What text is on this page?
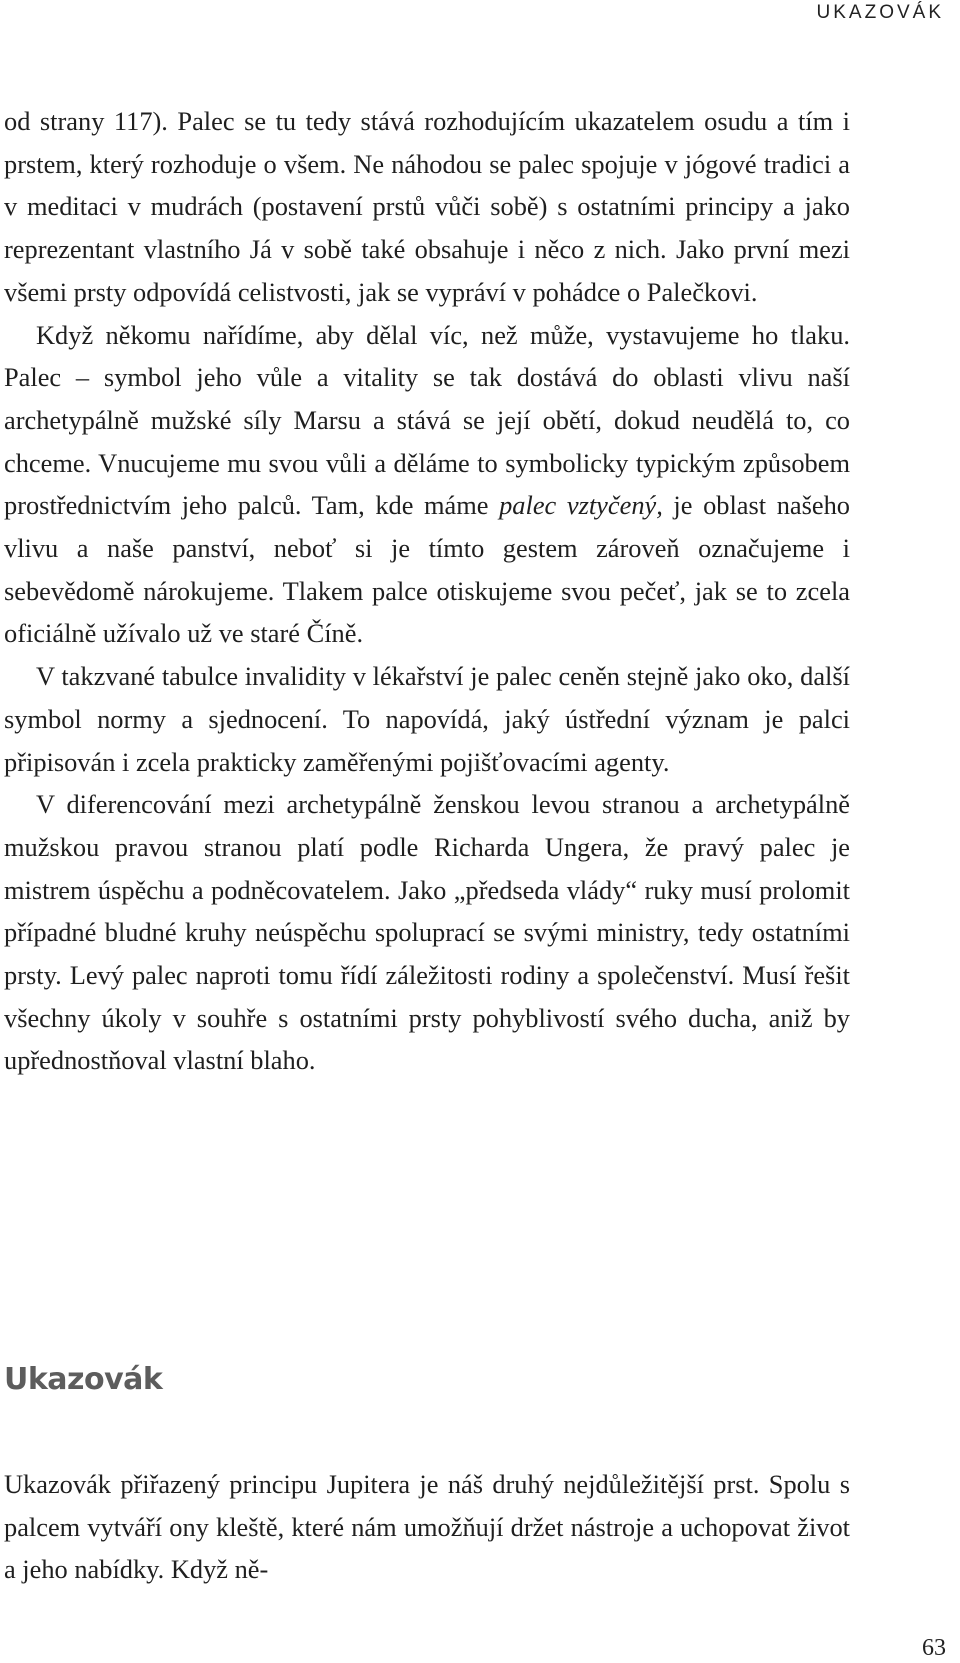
UKAZOVÁK

od strany 117). Palec se tu tedy stává rozhodujícím ukazatelem osudu a tím i prstem, který rozhoduje o všem. Ne náhodou se palec spojuje v jógové tradici a v meditaci v mudrách (postavení prstů vůči sobě) s ostatními principy a jako reprezentant vlastního Já v sobě také obsahuje i něco z nich. Jako první mezi všemi prsty odpovídá celistvosti, jak se vypráví v pohádce o Palečkovi.

Když někomu nařídíme, aby dělal víc, než může, vystavujeme ho tlaku. Palec – symbol jeho vůle a vitality se tak dostává do oblasti vlivu naší archetypálně mužské síly Marsu a stává se její obětí, dokud neudělá to, co chceme. Vnucujeme mu svou vůli a děláme to symbolicky typickým způsobem prostřednictvím jeho palců. Tam, kde máme palec vztyčený, je oblast našeho vlivu a naše panství, neboť si je tímto gestem zároveň označujeme i sebevědomě nárokujeme. Tlakem palce otiskujeme svou pečeť, jak se to zcela oficiálně užívalo už ve staré Číně.

V takzvané tabulce invalidity v lékařství je palec ceněn stejně jako oko, další symbol normy a sjednocení. To napovídá, jaký ústřední význam je palci připisován i zcela prakticky zaměřenými pojišťovacími agenty.

V diferencování mezi archetypálně ženskou levou stranou a archetypálně mužskou pravou stranou platí podle Richarda Ungera, že pravý palec je mistrem úspěchu a podněcovatelem. Jako „předseda vlády“ ruky musí prolomit případné bludné kruhy neúspěchu spoluprací se svými ministry, tedy ostatními prsty. Levý palec naproti tomu řídí záležitosti rodiny a společenství. Musí řešit všechny úkoly v souhře s ostatními prsty pohyblivostí svého ducha, aniž by upřednostňoval vlastní blaho.

Ukazovák

Ukazovák přiřazený principu Jupitera je náš druhý nejdůležitější prst. Spolu s palcem vytváří ony kleště, které nám umožňují držet nástroje a uchopovat život a jeho nabídky. Když ně-

63
